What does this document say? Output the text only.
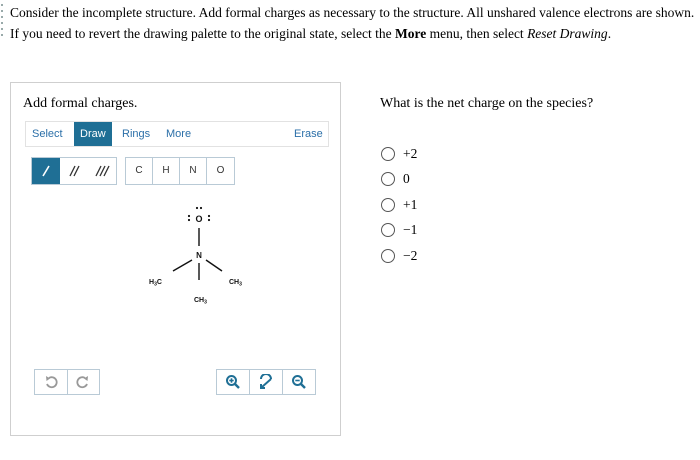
Consider the incomplete structure. Add formal charges as necessary to the structure. All unshared valence electrons are shown.

If you need to revert the drawing palette to the original state, select the More menu, then select Reset Drawing.

Add formal charges.
Select	Draw	Rings More	Erase
C	H	N	O
O
N
$H_3C$	$CH_3$
$CH_3$
What is the net charge on the species?
+2
0
+1
−1
−2
